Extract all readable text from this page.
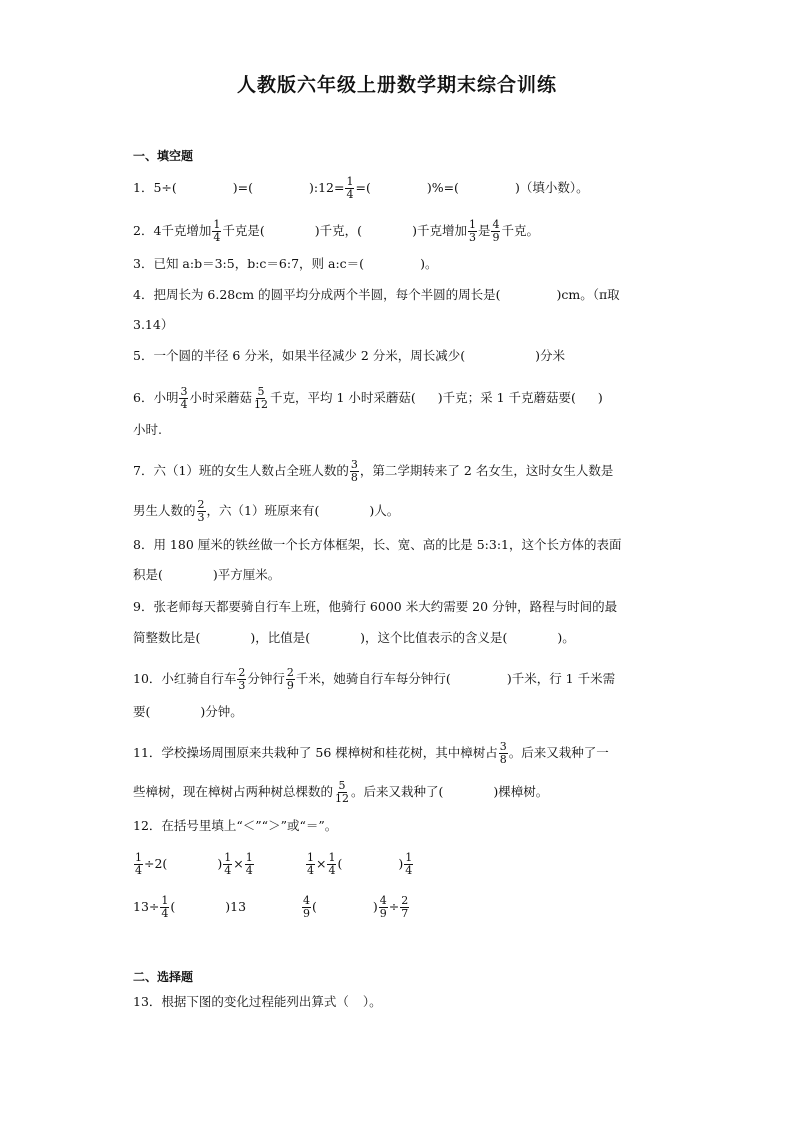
人教版六年级上册数学期末综合训练
一、填空题
1．5÷(	)=(	):12= $\frac{1}{4}$ =(	)%=(	)（填小数）。
2．4千克增加 $\frac{1}{4}$ 千克是(	)千克，(	)千克增加 $\frac{1}{3}$ 是 $\frac{4}{9}$ 千克。
3．已知 a:b＝3:5，b:c＝6:7，则 a:c＝(	)。
4．把周长为 6.28cm 的圆平均分成两个半圆，每个半圆的周长是(	)cm。（π取
3.14）
5．一个圆的半径 6 分米，如果半径减少 2 分米，周长减少(	)分米
6．小明 $\frac{3}{4}$ 小时采蘑菇 $\frac{5}{12}$ 千克，平均 1 小时采蘑菇( )千克；采 1 千克蘑菇要( )
小时.
7．六（1）班的女生人数占全班人数的 $\frac{3}{8}$ ，第二学期转来了 2 名女生，这时女生人数是
男生人数的 $\frac{2}{3}$ ，六（1）班原来有(	)人。
8．用 180 厘米的铁丝做一个长方体框架，长、宽、高的比是 5:3:1，这个长方体的表面
积是(	)平方厘米。
9．张老师每天都要骑自行车上班，他骑行 6000 米大约需要 20 分钟，路程与时间的最
简整数比是(	)，比值是(	)，这个比值表示的含义是(	)。
10．小红骑自行车 $\frac{2}{3}$ 分钟行 $\frac{2}{9}$ 千米，她骑自行车每分钟行(	)千米，行 1 千米需
要(	)分钟。
11．学校操场周围原来共栽种了 56 棵樟树和桂花树，其中樟树占 $\frac{3}{8}$ 。后来又栽种了一
些樟树，现在樟树占两种树总棵数的 $\frac{5}{12}$ 。后来又栽种了(	)棵樟树。
12．在括号里填上“＜”“＞”或“＝”。
$\frac{1}{4} \div 2$(	) $\frac{1}{4} \times \frac{1}{4}$	$\frac{1}{4} \times \frac{1}{4}$ (	) $\frac{1}{4}$
$13\div \frac{1}{4}$ (	)13	$\frac{4}{9}$ (	) $\frac{4}{9} \div \frac{2}{7}$
二、选择题
13．根据下图的变化过程能列出算式（ ）。
